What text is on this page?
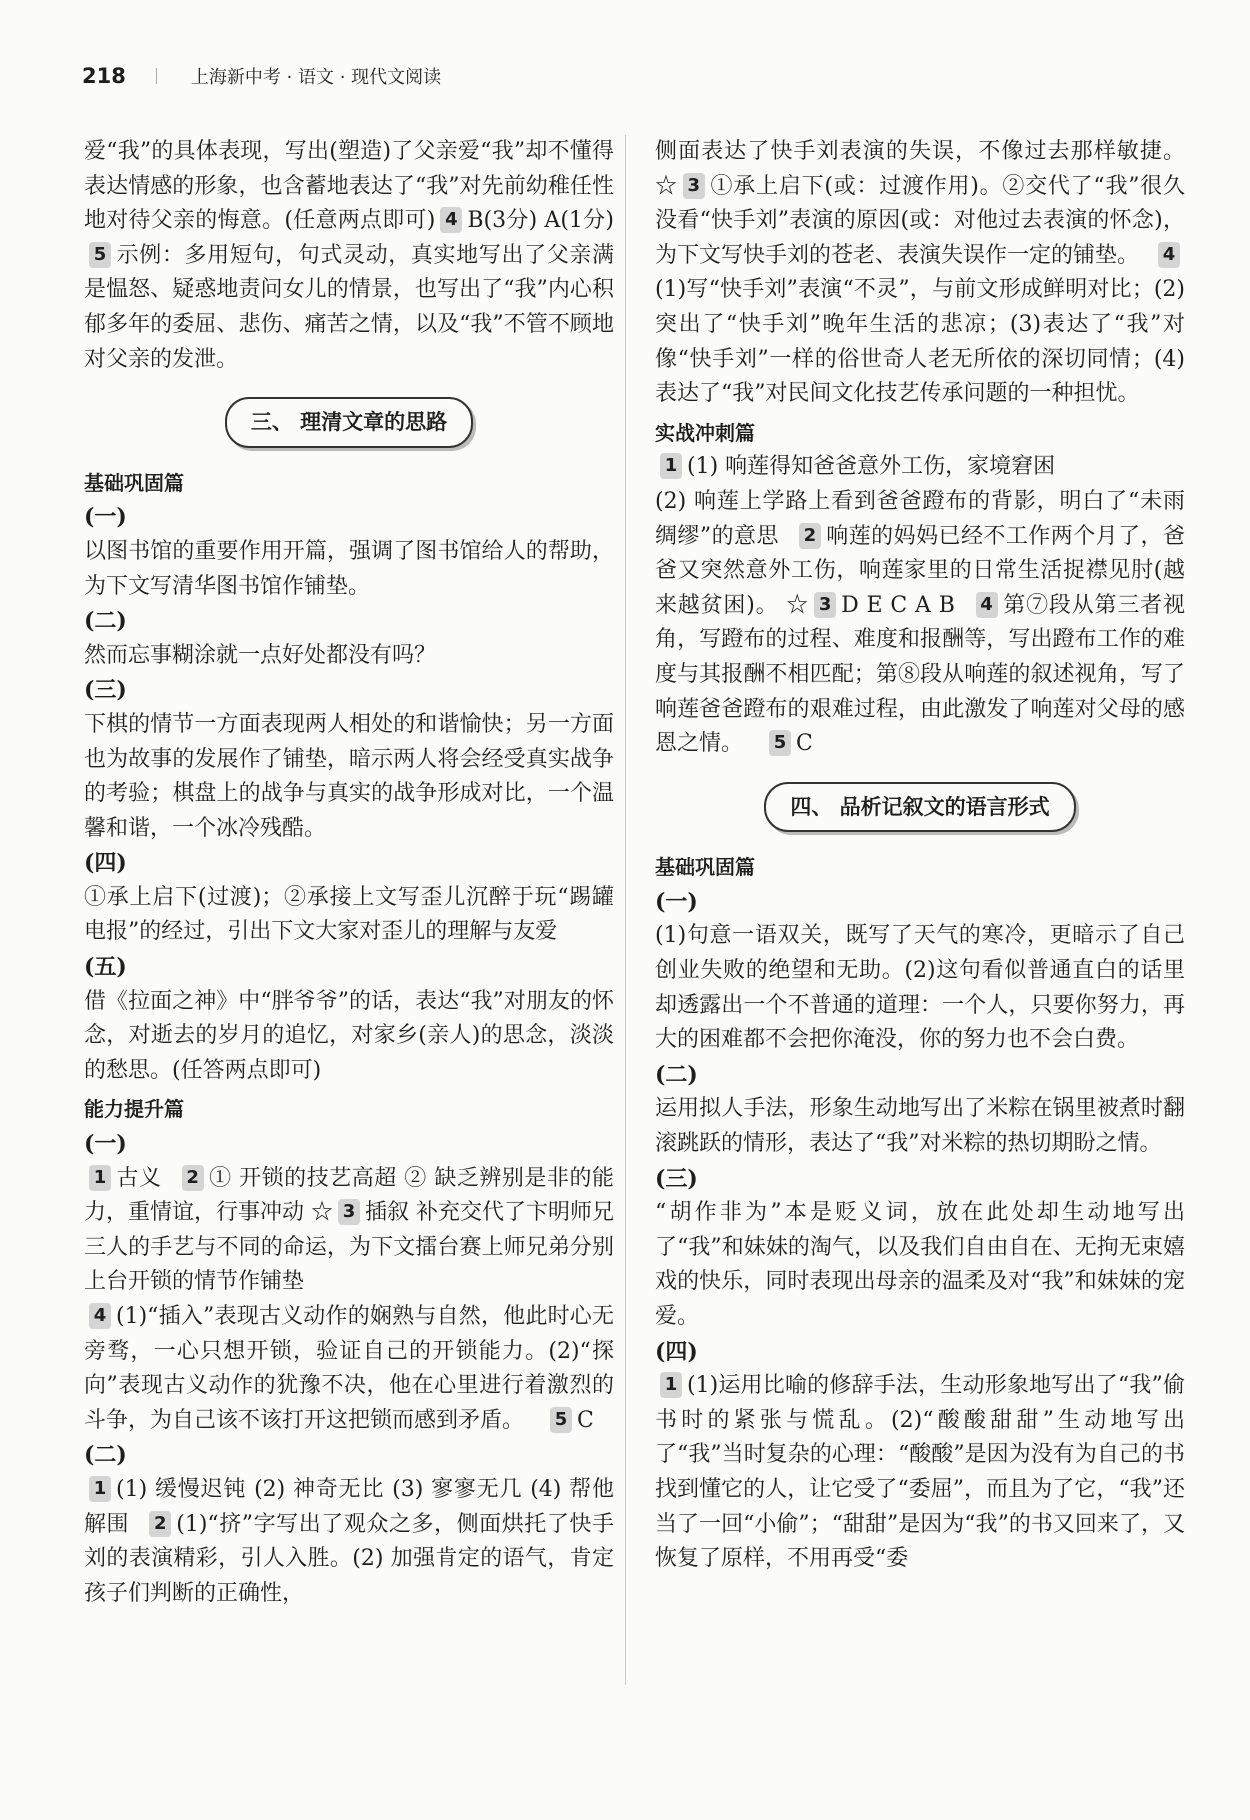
218	上海新中考 · 语文 · 现代文阅读

爱“我”的具体表现，写出(塑造)了父亲爱“我”却不懂得表达情感的形象，也含蓄地表达了“我”对先前幼稚任性地对待父亲的悔意。(任意两点即可) 4 B(3分) A(1分)5 示例：多用短句，句式灵动，真实地写出了父亲满是愠怒、疑惑地责问女儿的情景，也写出了“我”内心积郁多年的委屈、悲伤、痛苦之情，以及“我”不管不顾地对父亲的发泄。

三、 理清文章的思路

基础巩固篇

(一)

以图书馆的重要作用开篇，强调了图书馆给人的帮助，为下文写清华图书馆作铺垫。

(二)

然而忘事糊涂就一点好处都没有吗？

(三)

下棋的情节一方面表现两人相处的和谐愉快；另一方面也为故事的发展作了铺垫，暗示两人将会经受真实战争的考验；棋盘上的战争与真实的战争形成对比，一个温馨和谐，一个冰冷残酷。

(四)

①承上启下(过渡)；②承接上文写歪儿沉醉于玩“踢罐电报”的经过，引出下文大家对歪儿的理解与友爱

(五)

借《拉面之神》中“胖爷爷”的话，表达“我”对朋友的怀念，对逝去的岁月的追忆，对家乡(亲人)的思念，淡淡的愁思。(任答两点即可)

能力提升篇

(一)

1 古义 2 ① 开锁的技艺高超 ② 缺乏辨别是非的能力，重情谊，行事冲动 ☆ 3 插叙 补充交代了卞明师兄三人的手艺与不同的命运，为下文擂台赛上师兄弟分别上台开锁的情节作铺垫

4 (1)“插入”表现古义动作的娴熟与自然，他此时心无旁骛，一心只想开锁，验证自己的开锁能力。(2)“探向”表现古义动作的犹豫不决，他在心里进行着激烈的斗争，为自己该不该打开这把锁而感到矛盾。 5 C

(二)

1 (1) 缓慢迟钝 (2) 神奇无比 (3) 寥寥无几 (4) 帮他解围 2 (1)“挤”字写出了观众之多，侧面烘托了快手刘的表演精彩，引人入胜。(2) 加强肯定的语气，肯定孩子们判断的正确性，

侧面表达了快手刘表演的失误，不像过去那样敏捷。 ☆ 3 ①承上启下(或：过渡作用)。②交代了“我”很久没看“快手刘”表演的原因(或：对他过去表演的怀念)，为下文写快手刘的苍老、表演失误作一定的铺垫。 4(1)写“快手刘”表演“不灵”，与前文形成鲜明对比；(2)突出了“快手刘”晚年生活的悲凉；(3)表达了“我”对像“快手刘”一样的俗世奇人老无所依的深切同情；(4)表达了“我”对民间文化技艺传承问题的一种担忧。

实战冲刺篇

1 (1) 响莲得知爸爸意外工伤，家境窘困

(2) 响莲上学路上看到爸爸蹬布的背影，明白了“未雨绸缪”的意思 2 响莲的妈妈已经不工作两个月了，爸爸又突然意外工伤，响莲家里的日常生活捉襟见肘(越来越贫困)。 ☆ 3 D E C A B 4 第⑦段从第三者视角，写蹬布的过程、难度和报酬等，写出蹬布工作的难度与其报酬不相匹配；第⑧段从响莲的叙述视角，写了响莲爸爸蹬布的艰难过程，由此激发了响莲对父母的感恩之情。 5 C

四、 品析记叙文的语言形式

基础巩固篇

(一)

(1)句意一语双关，既写了天气的寒冷，更暗示了自己创业失败的绝望和无助。(2)这句看似普通直白的话里却透露出一个不普通的道理：一个人，只要你努力，再大的困难都不会把你淹没，你的努力也不会白费。

(二)

运用拟人手法，形象生动地写出了米粽在锅里被煮时翻滚跳跃的情形，表达了“我”对米粽的热切期盼之情。

(三)

“胡作非为”本是贬义词，放在此处却生动地写出了“我”和妹妹的淘气，以及我们自由自在、无拘无束嬉戏的快乐，同时表现出母亲的温柔及对“我”和妹妹的宠爱。

(四)

1 (1)运用比喻的修辞手法，生动形象地写出了“我”偷书时的紧张与慌乱。(2)“酸酸甜甜”生动地写出了“我”当时复杂的心理：“酸酸”是因为没有为自己的书找到懂它的人，让它受了“委屈”，而且为了它，“我”还当了一回“小偷”；“甜甜”是因为“我”的书又回来了，又恢复了原样，不用再受“委
